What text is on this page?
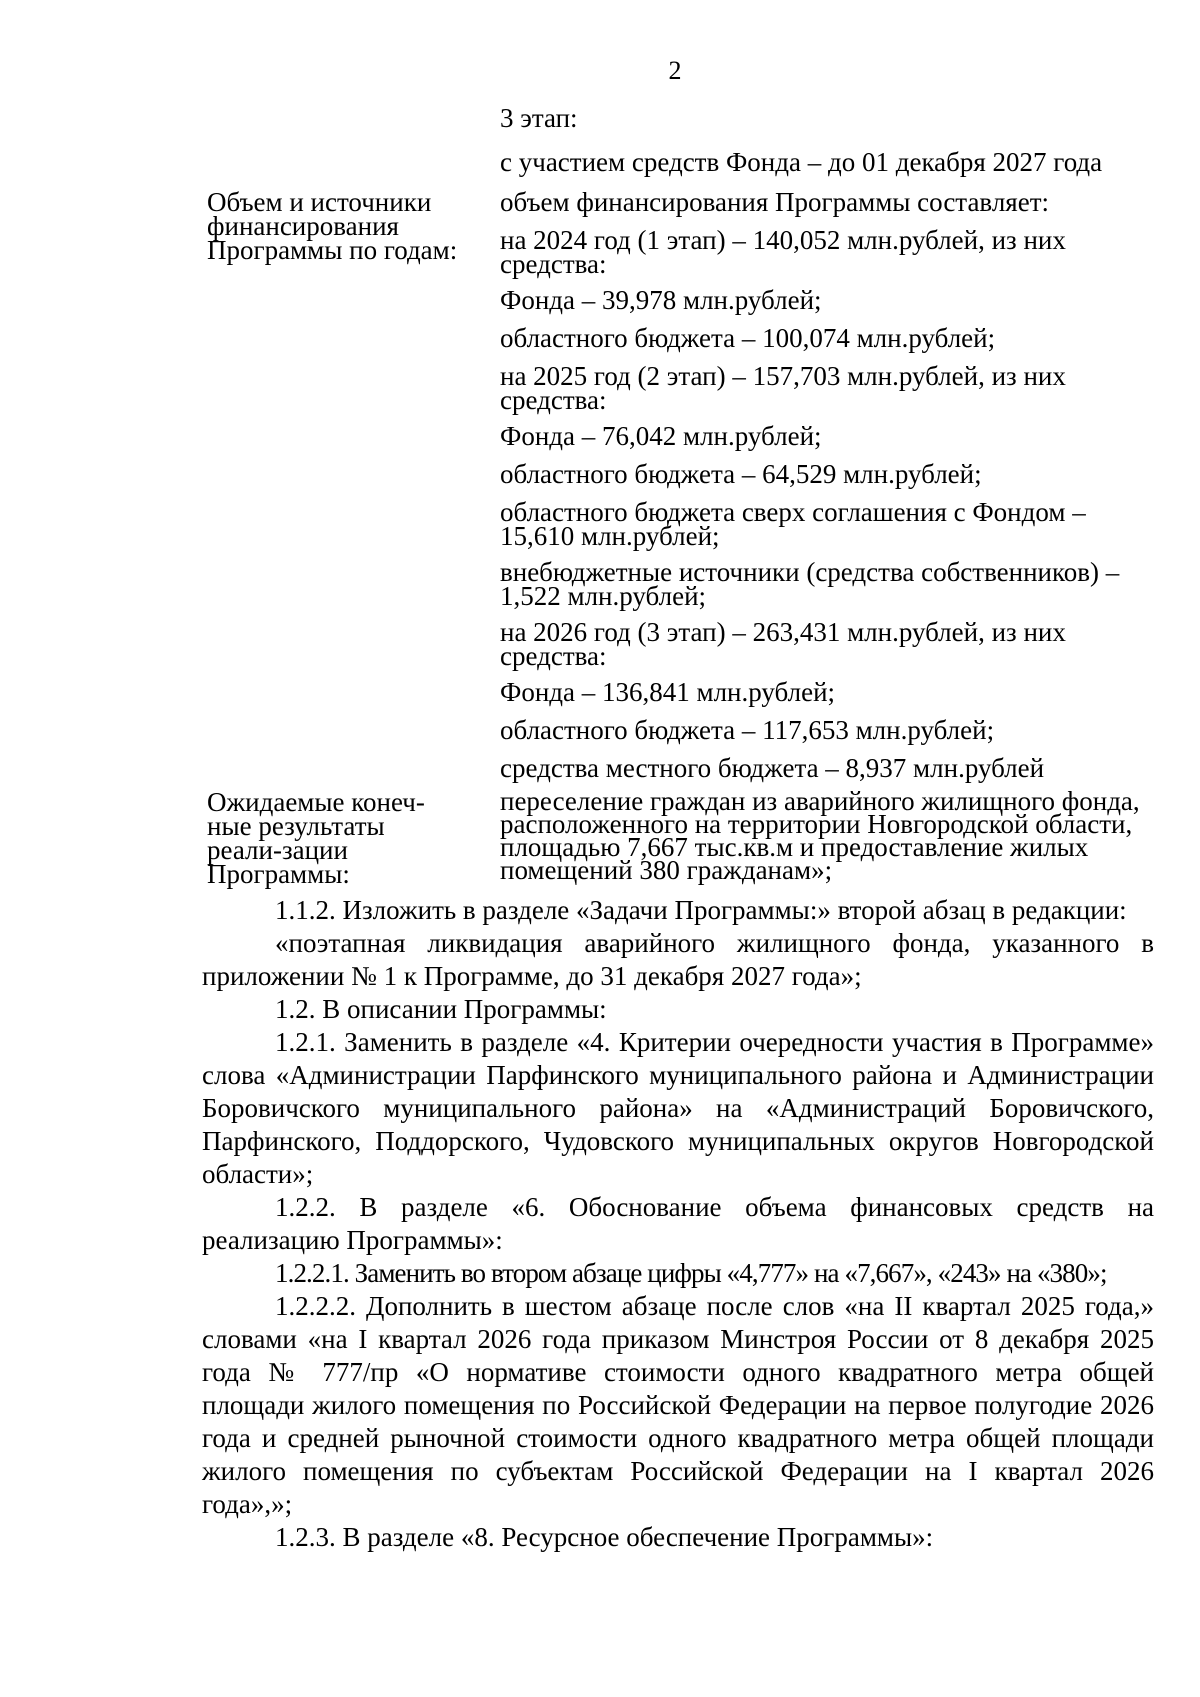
2
3 этап:
с участием средств Фонда – до 01 декабря 2027 года
Объем и источники финансирования Программы по годам:
объем финансирования Программы составляет:
на 2024 год (1 этап) – 140,052 млн.рублей, из них средства:
Фонда – 39,978 млн.рублей;
областного бюджета – 100,074 млн.рублей;
на 2025 год (2 этап) – 157,703 млн.рублей, из них средства:
Фонда – 76,042 млн.рублей;
областного бюджета – 64,529 млн.рублей;
областного бюджета сверх соглашения с Фондом – 15,610 млн.рублей;
внебюджетные источники (средства собственников) – 1,522 млн.рублей;
на 2026 год (3 этап) – 263,431 млн.рублей, из них средства:
Фонда – 136,841 млн.рублей;
областного бюджета – 117,653 млн.рублей;
средства местного бюджета – 8,937 млн.рублей
Ожидаемые конеч-ные результаты реали-зации Программы:
переселение граждан из аварийного жилищного фонда, расположенного на территории Новгородской области, площадью 7,667 тыс.кв.м и предоставление жилых помещений 380 гражданам»;

1.1.2. Изложить в разделе «Задачи Программы:» второй абзац в редакции:

«поэтапная ликвидация аварийного жилищного фонда, указанного в приложении № 1 к Программе, до 31 декабря 2027 года»;

1.2. В описании Программы:

1.2.1. Заменить в разделе «4. Критерии очередности участия в Программе» слова «Администрации Парфинского муниципального района и Администрации Боровичского муниципального района» на «Администраций Боровичского, Парфинского, Поддорского, Чудовского муниципальных округов Новгородской области»;

1.2.2. В разделе «6. Обоснование объема финансовых средств на реализацию Программы»:

1.2.2.1. Заменить во втором абзаце цифры «4,777» на «7,667», «243» на «380»;

1.2.2.2. Дополнить в шестом абзаце после слов «на II квартал 2025 года,» словами «на I квартал 2026 года приказом Минстроя России от 8 декабря 2025 года № 777/пр «О нормативе стоимости одного квадратного метра общей площади жилого помещения по Российской Федерации на первое полугодие 2026 года и средней рыночной стоимости одного квадратного метра общей площади жилого помещения по субъектам Российской Федерации на I квартал 2026 года»,»;

1.2.3. В разделе «8. Ресурсное обеспечение Программы»:
